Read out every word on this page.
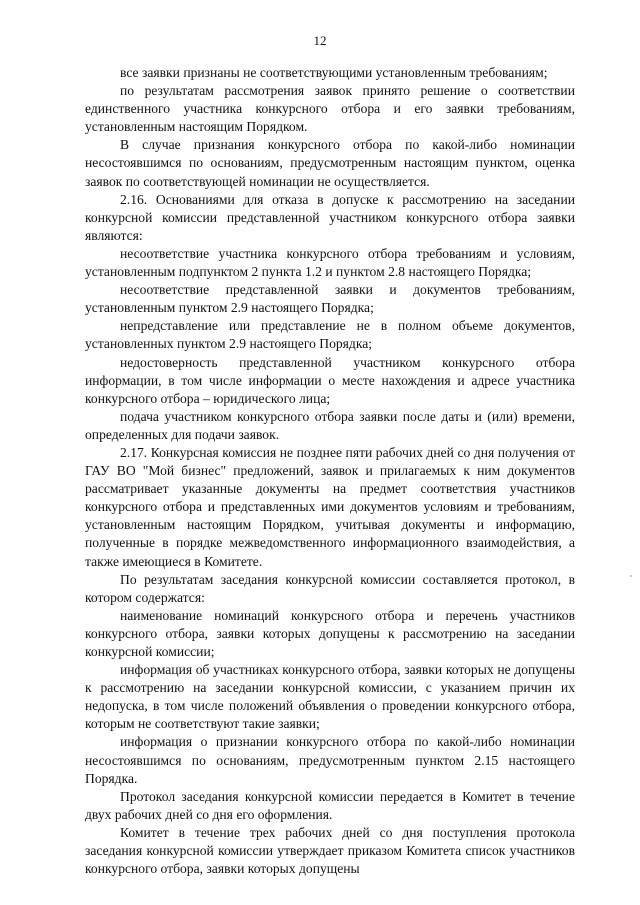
12

все заявки признаны не соответствующими установленным требованиям;

по результатам рассмотрения заявок принято решение о соответствии единственного участника конкурсного отбора и его заявки требованиям, установленным настоящим Порядком.

В случае признания конкурсного отбора по какой-либо номинации несостоявшимся по основаниям, предусмотренным настоящим пунктом, оценка заявок по соответствующей номинации не осуществляется.

2.16. Основаниями для отказа в допуске к рассмотрению на заседании конкурсной комиссии представленной участником конкурсного отбора заявки являются:

несоответствие участника конкурсного отбора требованиям и условиям, установленным подпунктом 2 пункта 1.2 и пунктом 2.8 настоящего Порядка;

несоответствие представленной заявки и документов требованиям, установленным пунктом 2.9 настоящего Порядка;

непредставление или представление не в полном объеме документов, установленных пунктом 2.9 настоящего Порядка;

недостоверность представленной участником конкурсного отбора информации, в том числе информации о месте нахождения и адресе участника конкурсного отбора – юридического лица;

подача участником конкурсного отбора заявки после даты и (или) времени, определенных для подачи заявок.

2.17. Конкурсная комиссия не позднее пяти рабочих дней со дня получения от ГАУ ВО "Мой бизнес" предложений, заявок и прилагаемых к ним документов рассматривает указанные документы на предмет соответствия участников конкурсного отбора и представленных ими документов условиям и требованиям, установленным настоящим Порядком, учитывая документы и информацию, полученные в порядке межведомственного информационного взаимодействия, а также имеющиеся в Комитете.

По результатам заседания конкурсной комиссии составляется протокол, в котором содержатся:

наименование номинаций конкурсного отбора и перечень участников конкурсного отбора, заявки которых допущены к рассмотрению на заседании конкурсной комиссии;

информация об участниках конкурсного отбора, заявки которых не допущены к рассмотрению на заседании конкурсной комиссии, с указанием причин их недопуска, в том числе положений объявления о проведении конкурсного отбора, которым не соответствуют такие заявки;

информация о признании конкурсного отбора по какой-либо номинации несостоявшимся по основаниям, предусмотренным пунктом 2.15 настоящего Порядка.

Протокол заседания конкурсной комиссии передается в Комитет в течение двух рабочих дней со дня его оформления.

Комитет в течение трех рабочих дней со дня поступления протокола заседания конкурсной комиссии утверждает приказом Комитета список участников конкурсного отбора, заявки которых допущены
